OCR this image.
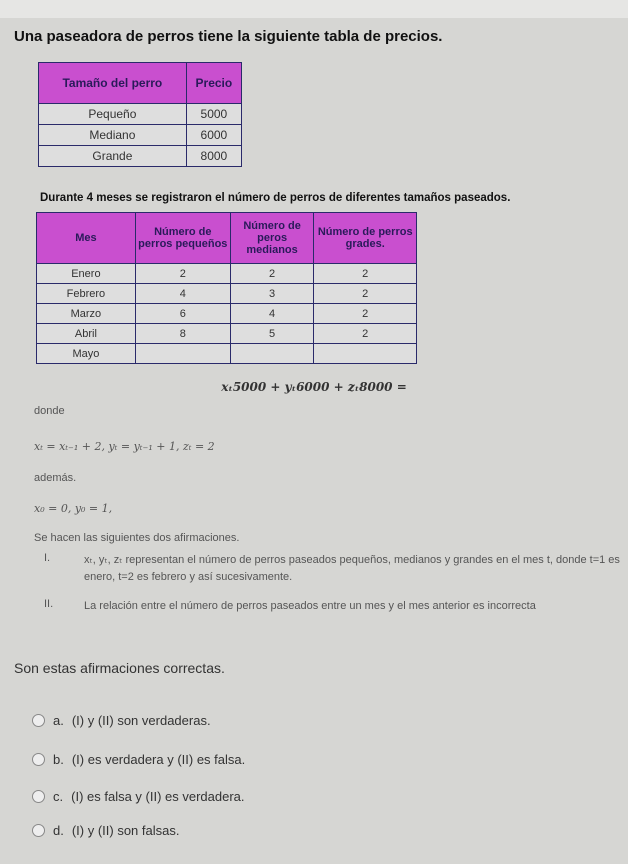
Una paseadora de perros tiene la siguiente tabla de precios.
Tamaño del perro	Precio
Pequeño	5000
Mediano	6000
Grande	8000
Durante 4 meses se registraron el número de perros de diferentes tamaños paseados.
Mes	Número de perros pequeños	Número de peros medianos	Número de perros grades.
Enero	2	2	2
Febrero	4	3	2
Marzo	6	4	2
Abril	8	5	2
Mayo			
xₜ5000 + yₜ6000 + zₜ8000 =
donde
xₜ = xₜ₋₁ + 2, yₜ = yₜ₋₁ + 1, zₜ = 2
además.
x₀ = 0, y₀ = 1,
Se hacen las siguientes dos afirmaciones.
I.	xₜ, yₜ, zₜ representan el número de perros paseados pequeños, medianos y grandes en el mes t, donde t=1 es enero, t=2 es febrero y así sucesivamente.
II.	La relación entre el número de perros paseados entre un mes y el mes anterior es incorrecta
Son estas afirmaciones correctas.
a. (I) y (II) son verdaderas.
b. (I) es verdadera y (II) es falsa.
c. (I) es falsa y (II) es verdadera.
d. (I) y (II) son falsas.
